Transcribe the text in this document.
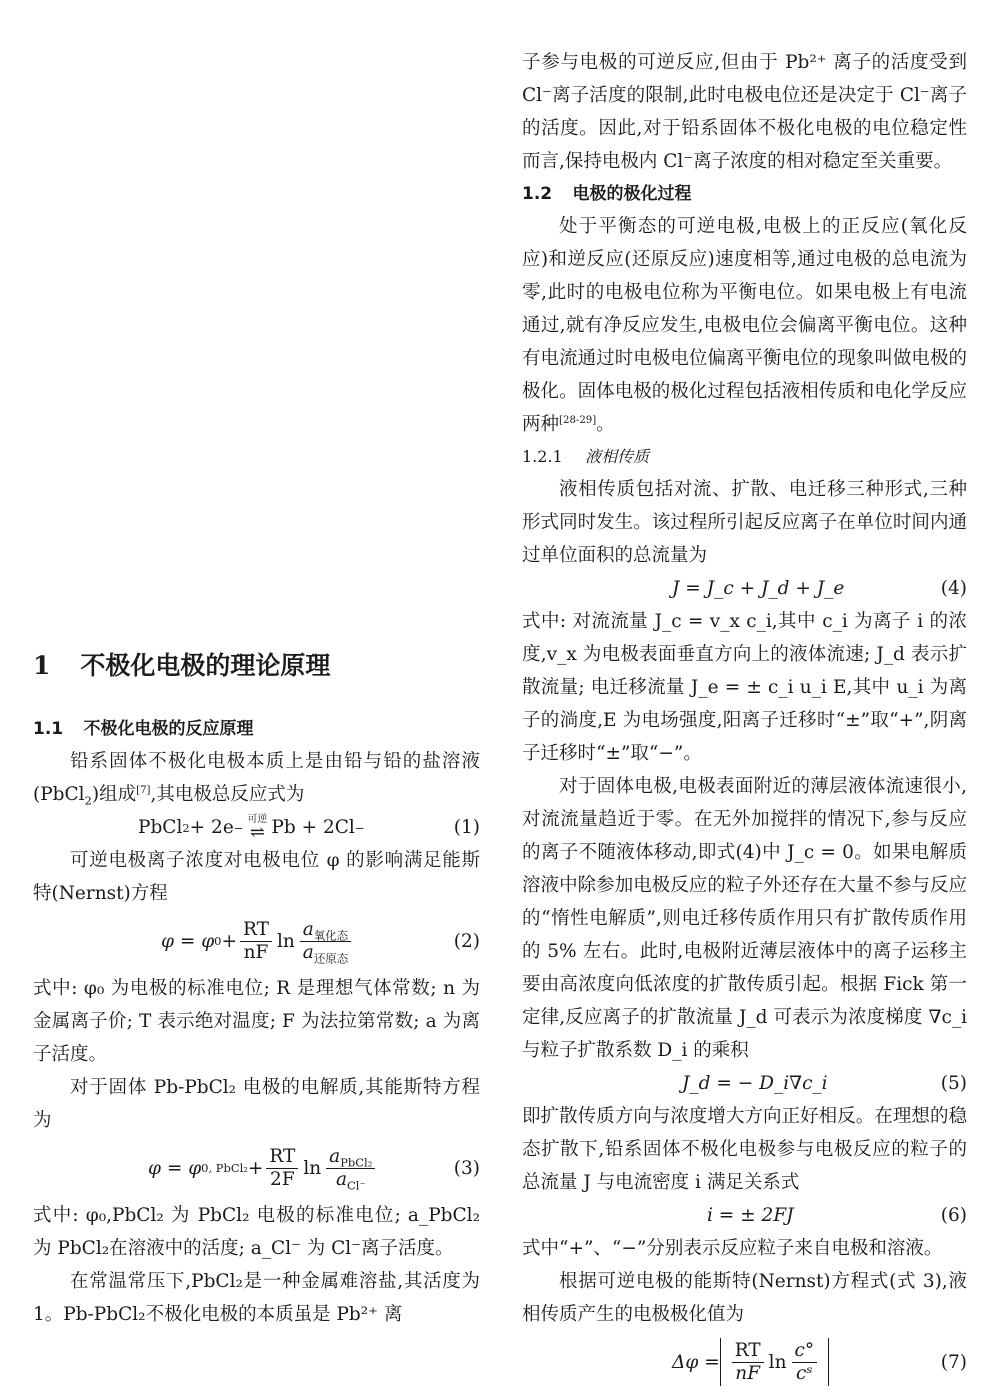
1 不极化电极的理论原理
1.1 不极化电极的反应原理

铅系固体不极化电极本质上是由铅与铅的盐溶液(PbCl$_2$)组成[7],其电极总反应式为

PbCl 2 + 2e −
可逆
⇌ Pb + 2Cl −	(1)

可逆电极离子浓度对电极电位 φ 的影响满足能斯特(Nernst)方程

φ = φ $0 + \frac{RT}{nF}$ $\ln \frac{a_{氧化态}}{a_{还原态}}$	(2)

式中: φ₀ 为电极的标准电位; R 是理想气体常数; n 为金属离子价; T 表示绝对温度; F 为法拉第常数; a 为离子活度。

对于固体 Pb-PbCl₂ 电极的电解质,其能斯特方程为

φ = φ 0, PbCl₂ + $\frac{RT}{2F}$ $\ln \frac{a_{PbCl_2}}{a_{Cl^-}}$	(3)

式中: φ₀,PbCl₂ 为 PbCl₂ 电极的标准电位; a_PbCl₂ 为 PbCl₂在溶液中的活度; a_Cl⁻ 为 Cl⁻离子活度。

在常温常压下,PbCl₂是一种金属难溶盐,其活度为 1。Pb-PbCl₂不极化电极的本质虽是 Pb²⁺ 离

子参与电极的可逆反应,但由于 Pb²⁺ 离子的活度受到 Cl⁻离子活度的限制,此时电极电位还是决定于 Cl⁻离子的活度。因此,对于铅系固体不极化电极的电位稳定性而言,保持电极内 Cl⁻离子浓度的相对稳定至关重要。

1.2 电极的极化过程

处于平衡态的可逆电极,电极上的正反应(氧化反应)和逆反应(还原反应)速度相等,通过电极的总电流为零,此时的电极电位称为平衡电位。如果电极上有电流通过,就有净反应发生,电极电位会偏离平衡电位。这种有电流通过时电极电位偏离平衡电位的现象叫做电极的极化。固体电极的极化过程包括液相传质和电化学反应两种[28-29]。

1.2.1 液相传质

液相传质包括对流、扩散、电迁移三种形式,三种形式同时发生。该过程所引起反应离子在单位时间内通过单位面积的总流量为

J = J_c + J_d + J_e	(4)

式中: 对流流量 J_c = v_x c_i,其中 c_i 为离子 i 的浓度,v_x 为电极表面垂直方向上的液体流速; J_d 表示扩散流量; 电迁移流量 J_e = ± c_i u_i E,其中 u_i 为离子的淌度,E 为电场强度,阳离子迁移时“±”取“+”,阴离子迁移时“±”取“−”。

对于固体电极,电极表面附近的薄层液体流速很小,对流流量趋近于零。在无外加搅拌的情况下,参与反应的离子不随液体移动,即式(4)中 J_c = 0。如果电解质溶液中除参加电极反应的粒子外还存在大量不参与反应的“惰性电解质”,则电迁移传质作用只有扩散传质作用的 5% 左右。此时,电极附近薄层液体中的离子运移主要由高浓度向低浓度的扩散传质引起。根据 Fick 第一定律,反应离子的扩散流量 J_d 可表示为浓度梯度 ∇c_i 与粒子扩散系数 D_i 的乘积

J_d = − D_i∇c_i	(5)

即扩散传质方向与浓度增大方向正好相反。在理想的稳态扩散下,铅系固体不极化电极参与电极反应的粒子的总流量 J 与电流密度 i 满足关系式

i = ± 2FJ	(6)

式中“+”、“−”分别表示反应粒子来自电极和溶液。

根据可逆电极的能斯特(Nernst)方程式(式 3),液相传质产生的电极极化值为

$\Delta\varphi = \frac{RT}{nF}$ $\ln \frac{c^\circ}{\text{cˢ}}$	(7)
